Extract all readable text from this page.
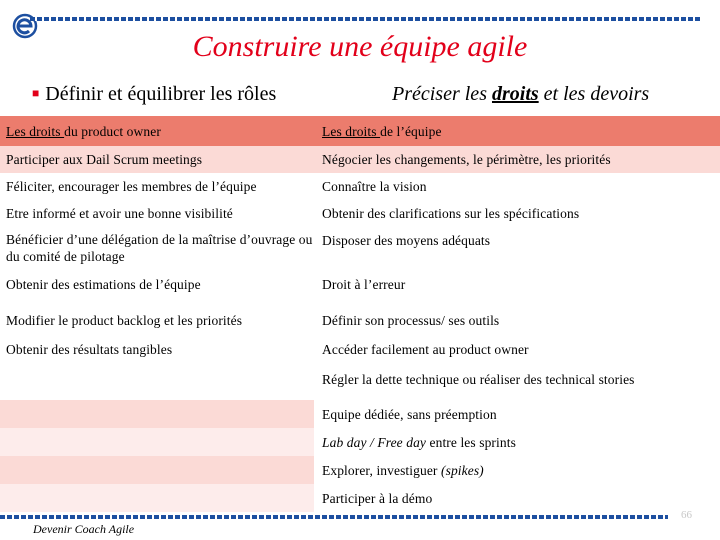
Construire une équipe agile
■ Définir et équilibrer les rôles	Préciser les droits et les devoirs
Les droits du product owner	Les droits de l’équipe
Participer aux Dail Scrum meetings	Négocier les changements, le périmètre, les priorités
Féliciter, encourager les membres de l’équipe	Connaître la vision
Etre informé et avoir une bonne visibilité	Obtenir des clarifications sur les spécifications
Bénéficier d’une délégation de la maîtrise d’ouvrage ou du comité de pilotage	Disposer des moyens adéquats
Obtenir des estimations de l’équipe	Droit à l’erreur
Modifier le product backlog et les priorités	Définir son processus/ ses outils
Obtenir des résultats tangibles	Accéder facilement au product owner
	Régler la dette technique ou réaliser des technical stories
	Equipe dédiée, sans préemption
	Lab day / Free day entre les sprints
	Explorer, investiguer (spikes)
	Participer à la démo
66
Devenir Coach Agile
